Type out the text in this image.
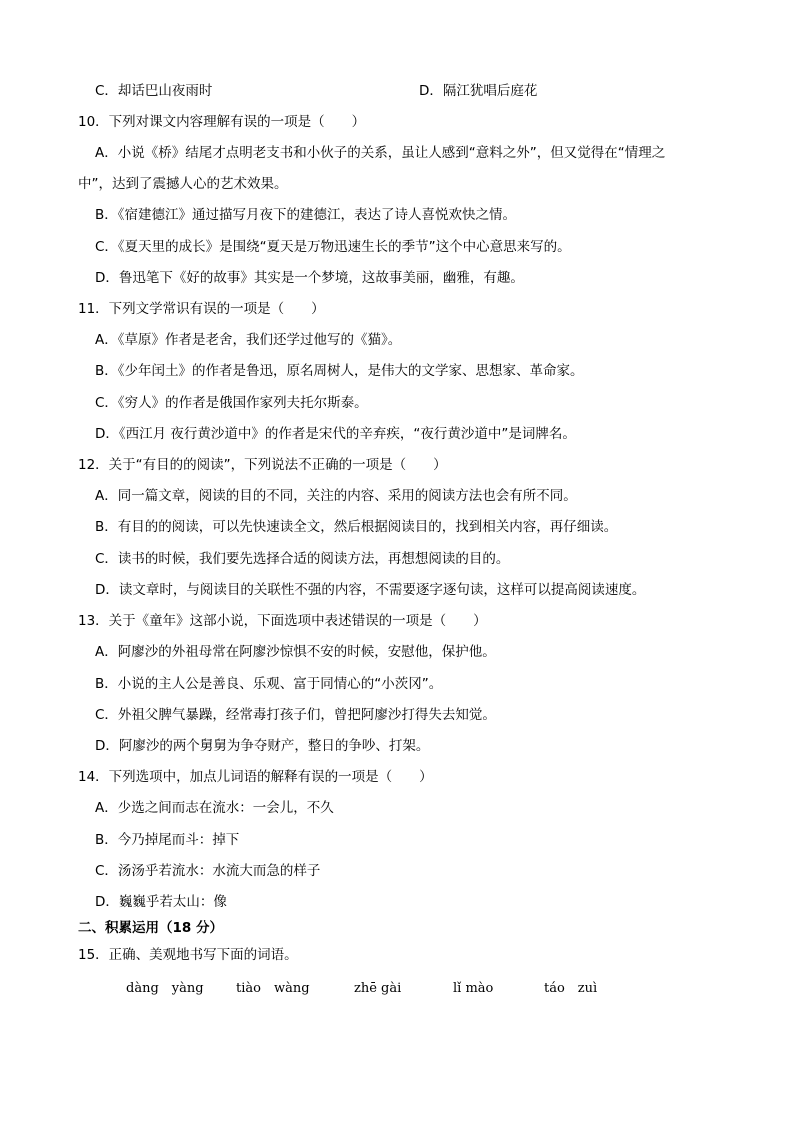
C．却话巴山夜雨时	D．隔江犹唱后庭花
10．下列对课文内容理解有误的一项是（　　）
A．小说《桥》结尾才点明老支书和小伙子的关系，虽让人感到“意料之外”，但又觉得在“情理之
中”，达到了震撼人心的艺术效果。
B．《宿建德江》通过描写月夜下的建德江，表达了诗人喜悦欢快之情。
C．《夏天里的成长》是围绕“夏天是万物迅速生长的季节”这个中心意思来写的。
D．鲁迅笔下《好的故事》其实是一个梦境，这故事美丽，幽雅，有趣。
11．下列文学常识有误的一项是（　　）
A．《草原》作者是老舍，我们还学过他写的《猫》。
B．《少年闰土》的作者是鲁迅，原名周树人，是伟大的文学家、思想家、革命家。
C．《穷人》的作者是俄国作家列夫托尔斯泰。
D．《西江月 夜行黄沙道中》的作者是宋代的辛弃疾，“夜行黄沙道中”是词牌名。
12．关于“有目的的阅读”，下列说法不正确的一项是（　　）
A．同一篇文章，阅读的目的不同，关注的内容、采用的阅读方法也会有所不同。
B．有目的的阅读，可以先快速读全文，然后根据阅读目的，找到相关内容，再仔细读。
C．读书的时候，我们要先选择合适的阅读方法，再想想阅读的目的。
D．读文章时，与阅读目的关联性不强的内容，不需要逐字逐句读，这样可以提高阅读速度。
13．关于《童年》这部小说，下面选项中表述错误的一项是（　　）
A．阿廖沙的外祖母常在阿廖沙惊惧不安的时候，安慰他，保护他。
B．小说的主人公是善良、乐观、富于同情心的“小茨冈”。
C．外祖父脾气暴躁，经常毒打孩子们，曾把阿廖沙打得失去知觉。
D．阿廖沙的两个舅舅为争夺财产，整日的争吵、打架。
14．下列选项中，加点儿词语的解释有误的一项是（　　）
A．少选之间而志在流水：一会儿，不久
B．今乃掉尾而斗：掉下
C．汤汤乎若流水：水流大而急的样子
D．巍巍乎若太山：像
二、积累运用（18 分）
15．正确、美观地书写下面的词语。
dàng　yàng tiào　wàng	zhē gài	lǐ mào	táo　zuì
